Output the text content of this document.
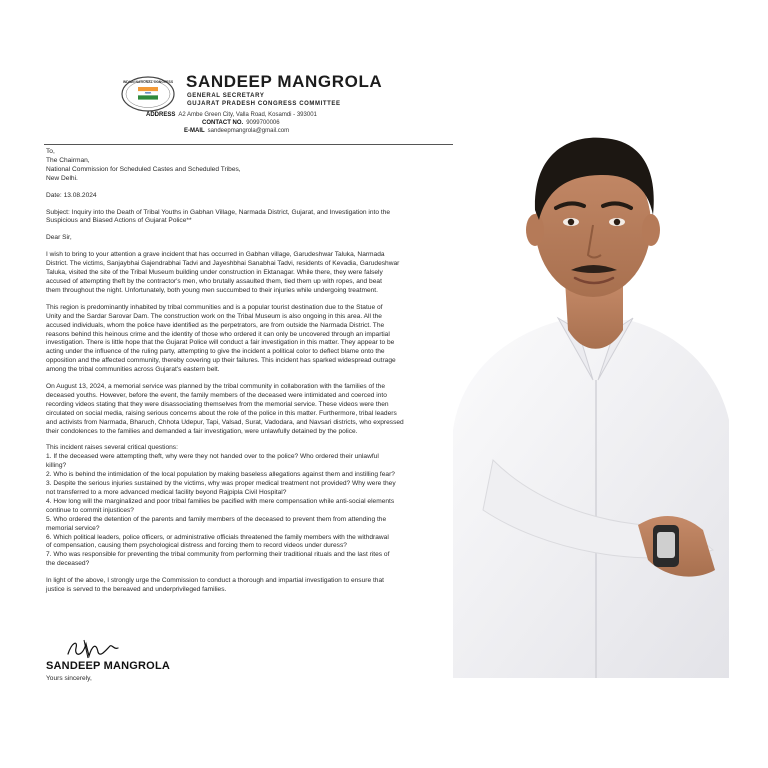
INDIAN NATIONAL CONGRESS SANDEEP MANGROLA
GENERAL SECRETARY
GUJARAT PRADESH CONGRESS COMMITTEE
ADDRESS A2 Ambe Green City, Valla Road, Kosamdi - 393001
CONTACT NO. 9099700006
E-MAIL sandeepmangrola@gmail.com

To,
The Chairman,
National Commission for Scheduled Castes and Scheduled Tribes,
New Delhi.

Date: 13.08.2024

Subject: Inquiry into the Death of Tribal Youths in Gabhan Village, Narmada District, Gujarat, and Investigation into the
Suspicious and Biased Actions of Gujarat Police**

Dear Sir,

I wish to bring to your attention a grave incident that has occurred in Gabhan village, Garudeshwar Taluka, Narmada
District. The victims, Sanjaybhai Gajendrabhai Tadvi and Jayeshbhai Sanabhai Tadvi, residents of Kevadia, Garudeshwar
Taluka, visited the site of the Tribal Museum building under construction in Ektanagar. While there, they were falsely
accused of attempting theft by the contractor's men, who brutally assaulted them, tied them up with ropes, and beat
them throughout the night. Unfortunately, both young men succumbed to their injuries while undergoing treatment.

This region is predominantly inhabited by tribal communities and is a popular tourist destination due to the Statue of
Unity and the Sardar Sarovar Dam. The construction work on the Tribal Museum is also ongoing in this area. All the
accused individuals, whom the police have identified as the perpetrators, are from outside the Narmada District. The
reasons behind this heinous crime and the identity of those who ordered it can only be uncovered through an impartial
investigation. There is little hope that the Gujarat Police will conduct a fair investigation in this matter. They appear to be
acting under the influence of the ruling party, attempting to give the incident a political color to deflect blame onto the
opposition and the affected community, thereby covering up their failures. This incident has sparked widespread outrage
among the tribal communities across Gujarat's eastern belt.

On August 13, 2024, a memorial service was planned by the tribal community in collaboration with the families of the
deceased youths. However, before the event, the family members of the deceased were intimidated and coerced into
recording videos stating that they were disassociating themselves from the memorial service. These videos were then
circulated on social media, raising serious concerns about the role of the police in this matter. Furthermore, tribal leaders
and activists from Narmada, Bharuch, Chhota Udepur, Tapi, Valsad, Surat, Vadodara, and Navsari districts, who expressed
their condolences to the families and demanded a fair investigation, were unlawfully detained by the police.

This incident raises several critical questions:
1. If the deceased were attempting theft, why were they not handed over to the police? Who ordered their unlawful
killing?
2. Who is behind the intimidation of the local population by making baseless allegations against them and instilling fear?
3. Despite the serious injuries sustained by the victims, why was proper medical treatment not provided? Why were they
not transferred to a more advanced medical facility beyond Rajpipla Civil Hospital?
4. How long will the marginalized and poor tribal families be pacified with mere compensation while anti-social elements
continue to commit injustices?
5. Who ordered the detention of the parents and family members of the deceased to prevent them from attending the
memorial service?
6. Which political leaders, police officers, or administrative officials threatened the family members with the withdrawal
of compensation, causing them psychological distress and forcing them to record videos under duress?
7. Who was responsible for preventing the tribal community from performing their traditional rituals and the last rites of
the deceased?

In light of the above, I strongly urge the Commission to conduct a thorough and impartial investigation to ensure that
justice is served to the bereaved and underprivileged families.

SANDEEP MANGROLA
Yours sincerely,
